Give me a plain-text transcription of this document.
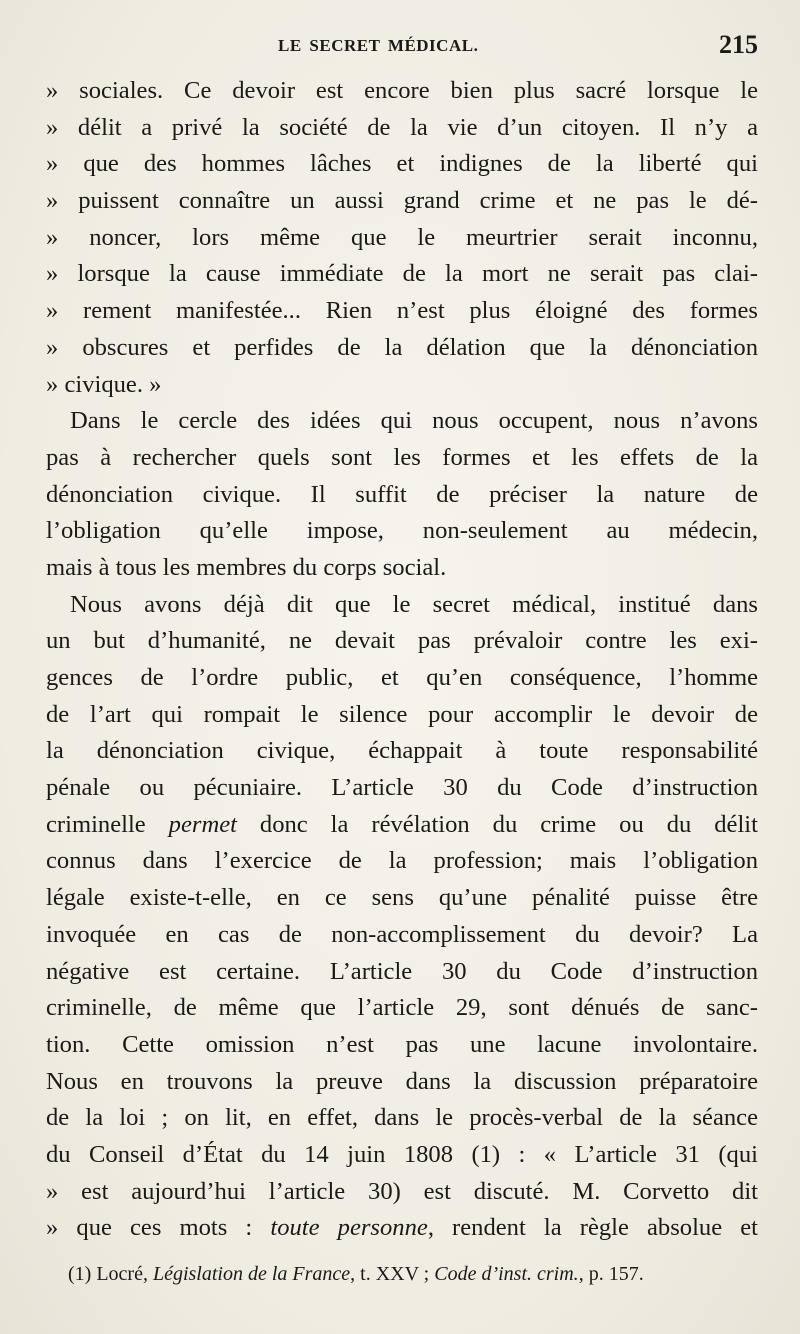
LE SECRET MÉDICAL.	215
» sociales. Ce devoir est encore bien plus sacré lorsque le
» délit a privé la société de la vie d’un citoyen. Il n’y a
» que des hommes lâches et indignes de la liberté qui
» puissent connaître un aussi grand crime et ne pas le dé-
» noncer, lors même que le meurtrier serait inconnu,
» lorsque la cause immédiate de la mort ne serait pas clai-
» rement manifestée... Rien n’est plus éloigné des formes
» obscures et perfides de la délation que la dénonciation
» civique. »
Dans le cercle des idées qui nous occupent, nous n’avons
pas à rechercher quels sont les formes et les effets de la
dénonciation civique. Il suffit de préciser la nature de
l’obligation qu’elle impose, non-seulement au médecin,
mais à tous les membres du corps social.
Nous avons déjà dit que le secret médical, institué dans
un but d’humanité, ne devait pas prévaloir contre les exi-
gences de l’ordre public, et qu’en conséquence, l’homme
de l’art qui rompait le silence pour accomplir le devoir de
la dénonciation civique, échappait à toute responsabilité
pénale ou pécuniaire. L’article 30 du Code d’instruction
criminelle permet donc la révélation du crime ou du délit
connus dans l’exercice de la profession; mais l’obligation
légale existe-t-elle, en ce sens qu’une pénalité puisse être
invoquée en cas de non-accomplissement du devoir? La
négative est certaine. L’article 30 du Code d’instruction
criminelle, de même que l’article 29, sont dénués de sanc-
tion. Cette omission n’est pas une lacune involontaire.
Nous en trouvons la preuve dans la discussion préparatoire
de la loi ; on lit, en effet, dans le procès-verbal de la séance
du Conseil d’État du 14 juin 1808 (1) : « L’article 31 (qui
» est aujourd’hui l’article 30) est discuté. M. Corvetto dit
» que ces mots : toute personne, rendent la règle absolue et
(1) Locré, Législation de la France, t. XXV ; Code d’inst. crim., p. 157.
